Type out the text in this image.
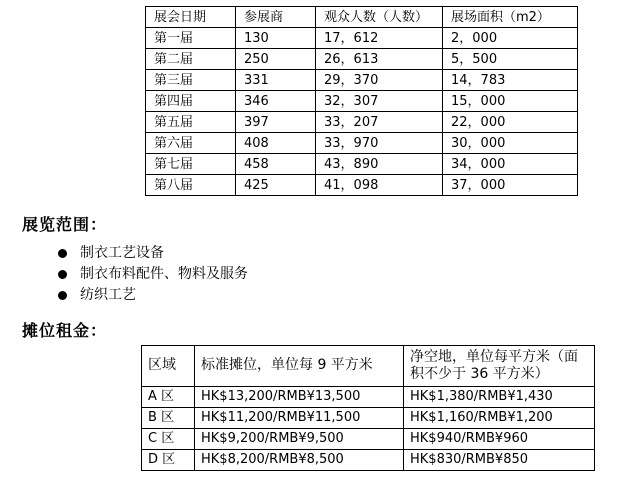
展会日期	参展商	观众人数（人数）	展场面积（m2）
第一届	130	17，612	2，000
第二届	250	26，613	5，500
第三届	331	29，370	14，783
第四届	346	32，307	15，000
第五届	397	33，207	22，000
第六届	408	33，970	30，000
第七届	458	43，890	34，000
第八届	425	41，098	37，000
展览范围：
制衣工艺设备
制衣布料配件、物料及服务
纺织工艺
摊位租金：
区域	标准摊位，单位每 9 平方米	净空地，单位每平方米（面积不少于 36 平方米）
A 区	HK$13,200/RMB¥13,500	HK$1,380/RMB¥1,430
B 区	HK$11,200/RMB¥11,500	HK$1,160/RMB¥1,200
C 区	HK$9,200/RMB¥9,500	HK$940/RMB¥960
D 区	HK$8,200/RMB¥8,500	HK$830/RMB¥850
